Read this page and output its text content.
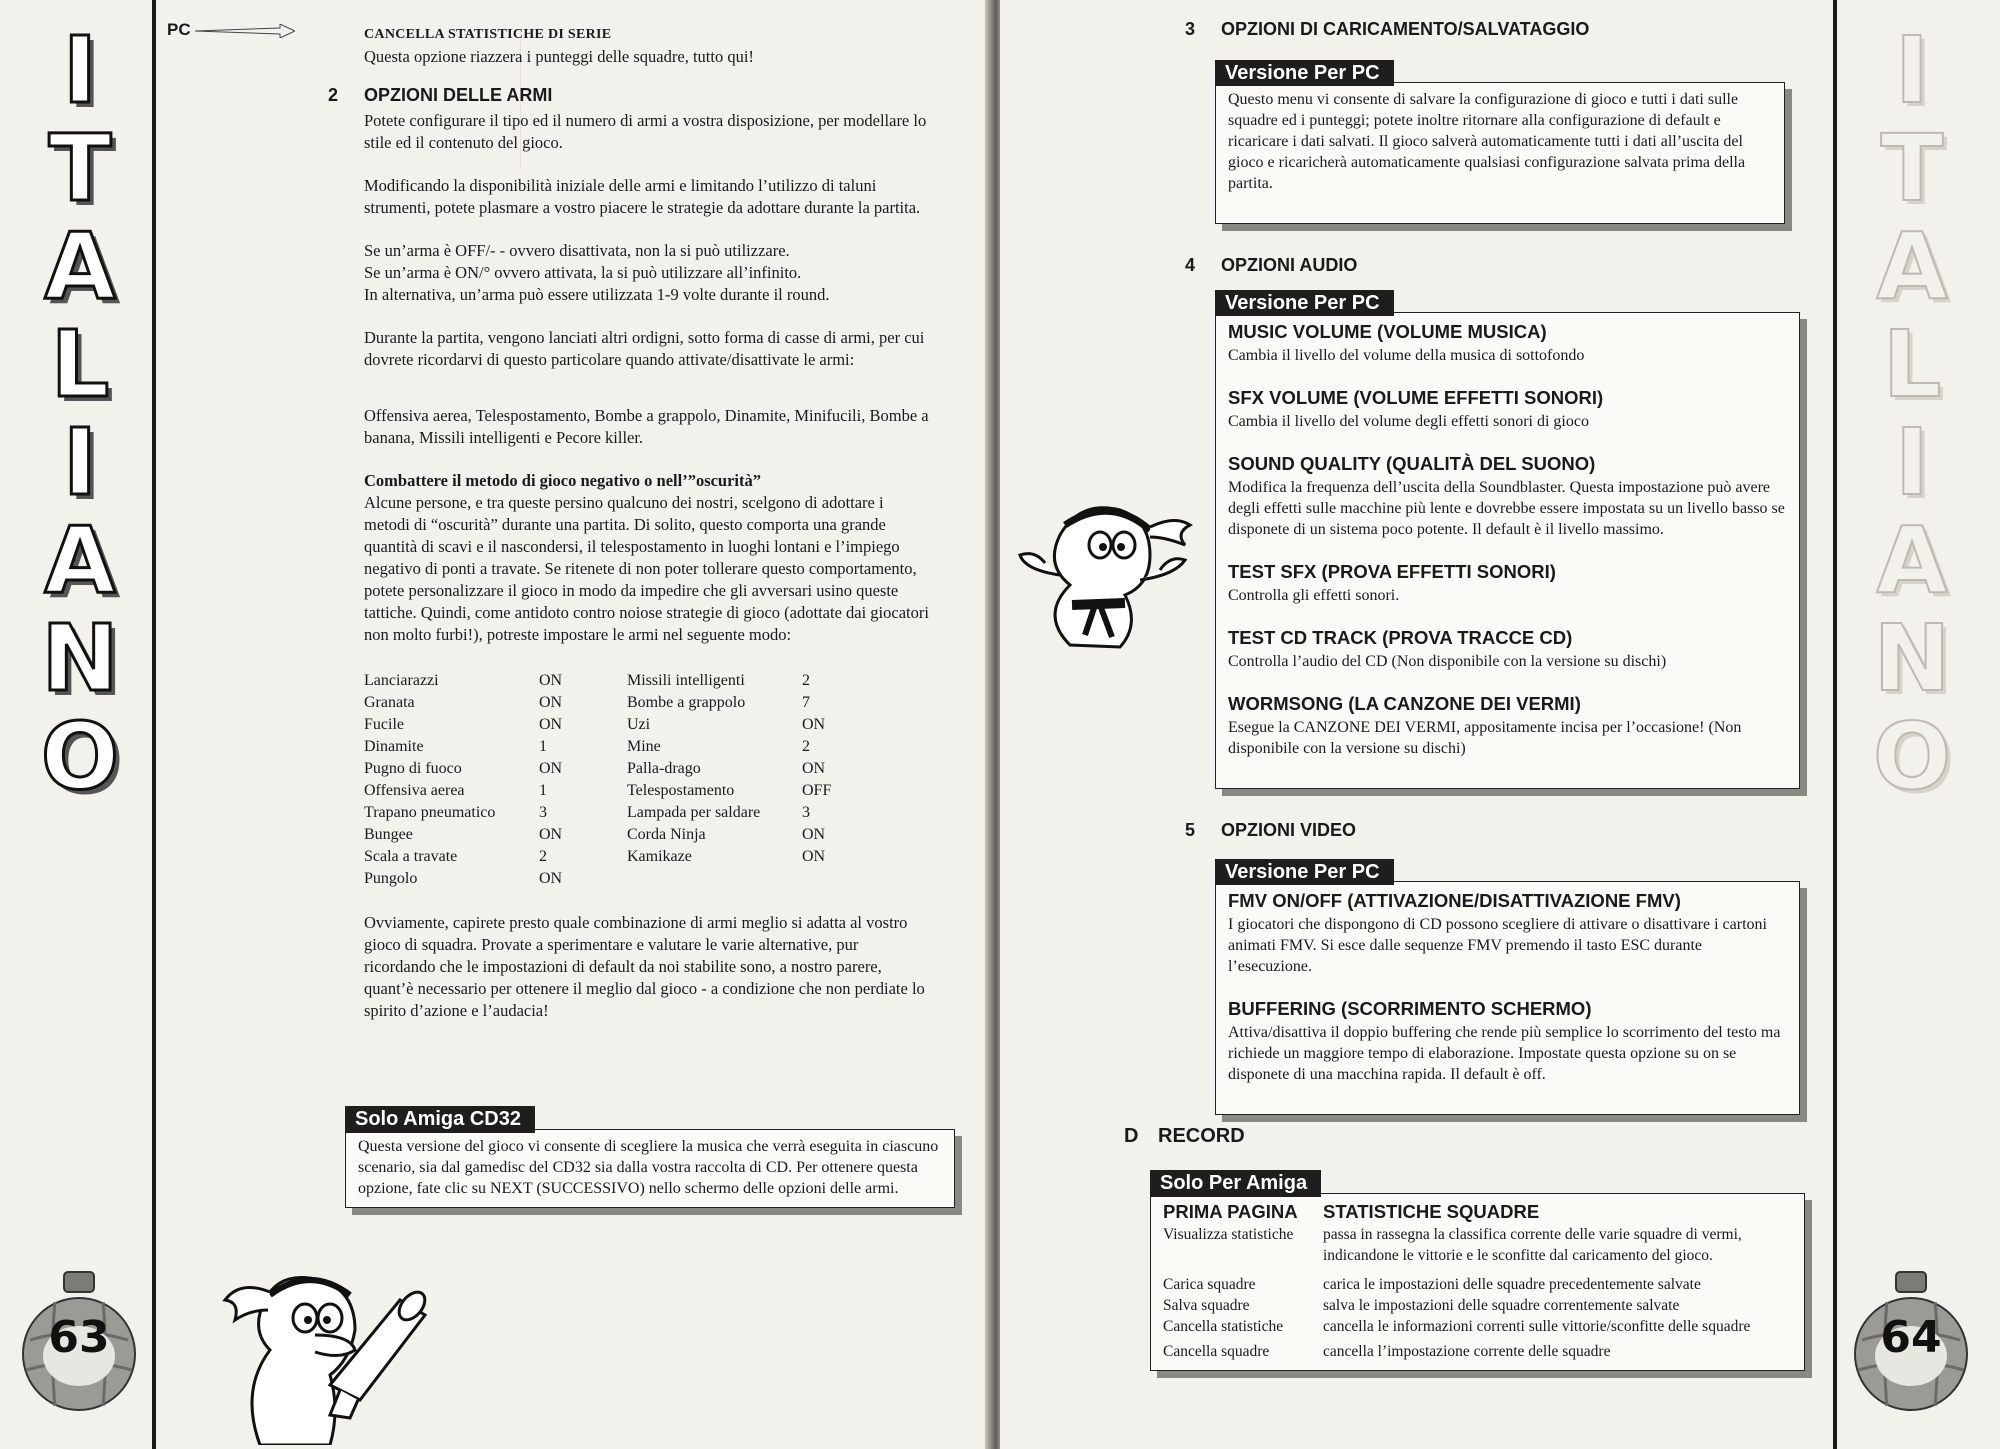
I
T
A
L
I
A
N
O
63
PC	CANCELLA STATISTICHE DI SERIE

Questa opzione riazzera i punteggi delle squadre, tutto qui!

2 OPZIONI DELLE ARMI

Potete configurare il tipo ed il numero di armi a vostra disposizione, per modellare lo stile ed il contenuto del gioco.

Modificando la disponibilità iniziale delle armi e limitando l’utilizzo di taluni strumenti, potete plasmare a vostro piacere le strategie da adottare durante la partita.

Se un’arma è OFF/- - ovvero disattivata, non la si può utilizzare.
Se un’arma è ON/° ovvero attivata, la si può utilizzare all’infinito.
In alternativa, un’arma può essere utilizzata 1-9 volte durante il round.

Durante la partita, vengono lanciati altri ordigni, sotto forma di casse di armi, per cui dovrete ricordarvi di questo particolare quando attivate/disattivate le armi:

Offensiva aerea, Telespostamento, Bombe a grappolo, Dinamite, Minifucili, Bombe a banana, Missili intelligenti e Pecore killer.

Combattere il metodo di gioco negativo o nell’”oscurità”

Alcune persone, e tra queste persino qualcuno dei nostri, scelgono di adottare i metodi di “oscurità” durante una partita. Di solito, questo comporta una grande quantità di scavi e il nascondersi, il telespostamento in luoghi lontani e l’impiego negativo di ponti a travate. Se ritenete di non poter tollerare questo comportamento, potete personalizzare il gioco in modo da impedire che gli avversari usino queste tattiche. Quindi, come antidoto contro noiose strategie di gioco (adottate dai giocatori non molto furbi!), potreste impostare le armi nel seguente modo:

Lanciarazzi	ON	Missili intelligenti	2
Granata	ON	Bombe a grappolo	7
Fucile	ON	Uzi	ON
Dinamite	1	Mine	2
Pugno di fuoco	ON	Palla-drago	ON
Offensiva aerea	1	Telespostamento	OFF
Trapano pneumatico	3	Lampada per saldare	3
Bungee	ON	Corda Ninja	ON
Scala a travate	2	Kamikaze	ON
Pungolo	ON

Ovviamente, capirete presto quale combinazione di armi meglio si adatta al vostro gioco di squadra. Provate a sperimentare e valutare le varie alternative, pur ricordando che le impostazioni di default da noi stabilite sono, a nostro parere, quant’è necessario per ottenere il meglio dal gioco - a condizione che non perdiate lo spirito d’azione e l’audacia!

Solo Amiga CD32

Questa versione del gioco vi consente di scegliere la musica che verrà eseguita in ciascuno scenario, sia dal gamedisc del CD32 sia dalla vostra raccolta di CD. Per ottenere questa opzione, fate clic su NEXT (SUCCESSIVO) nello schermo delle opzioni delle armi.

I
T
A
L
I
A
N
O
64
3 OPZIONI DI CARICAMENTO/SALVATAGGIO
Versione Per PC

Questo menu vi consente di salvare la configurazione di gioco e tutti i dati sulle squadre ed i punteggi; potete inoltre ritornare alla configurazione di default e ricaricare i dati salvati. Il gioco salverà automaticamente tutti i dati all’uscita del gioco e ricaricherà automaticamente qualsiasi configurazione salvata prima della partita.

4 OPZIONI AUDIO
Versione Per PC
MUSIC VOLUME (VOLUME MUSICA)

Cambia il livello del volume della musica di sottofondo

SFX VOLUME (VOLUME EFFETTI SONORI)

Cambia il livello del volume degli effetti sonori di gioco

SOUND QUALITY (QUALITÀ DEL SUONO)

Modifica la frequenza dell’uscita della Soundblaster. Questa impostazione può avere degli effetti sulle macchine più lente e dovrebbe essere impostata su un livello basso se disponete di un sistema poco potente. Il default è il livello massimo.

TEST SFX (PROVA EFFETTI SONORI)

Controlla gli effetti sonori.

TEST CD TRACK (PROVA TRACCE CD)

Controlla l’audio del CD (Non disponibile con la versione su dischi)

WORMSONG (LA CANZONE DEI VERMI)

Esegue la CANZONE DEI VERMI, appositamente incisa per l’occasione! (Non disponibile con la versione su dischi)

5 OPZIONI VIDEO
Versione Per PC
FMV ON/OFF (ATTIVAZIONE/DISATTIVAZIONE FMV)

I giocatori che dispongono di CD possono scegliere di attivare o disattivare i cartoni animati FMV. Si esce dalle sequenze FMV premendo il tasto ESC durante l’esecuzione.

BUFFERING (SCORRIMENTO SCHERMO)

Attiva/disattiva il doppio buffering che rende più semplice lo scorrimento del testo ma richiede un maggiore tempo di elaborazione. Impostate questa opzione su on se disponete di una macchina rapida. Il default è off.

D RECORD
Solo Per Amiga
PRIMA PAGINA	STATISTICHE SQUADRE
Visualizza statistiche	passa in rassegna la classifica corrente delle varie squadre di vermi, indicandone le vittorie e le sconfitte dal caricamento del gioco.
Carica squadre	carica le impostazioni delle squadre precedentemente salvate
Salva squadre	salva le impostazioni delle squadre correntemente salvate
Cancella statistiche	cancella le informazioni correnti sulle vittorie/sconfitte delle squadre
Cancella squadre	cancella l’impostazione corrente delle squadre
